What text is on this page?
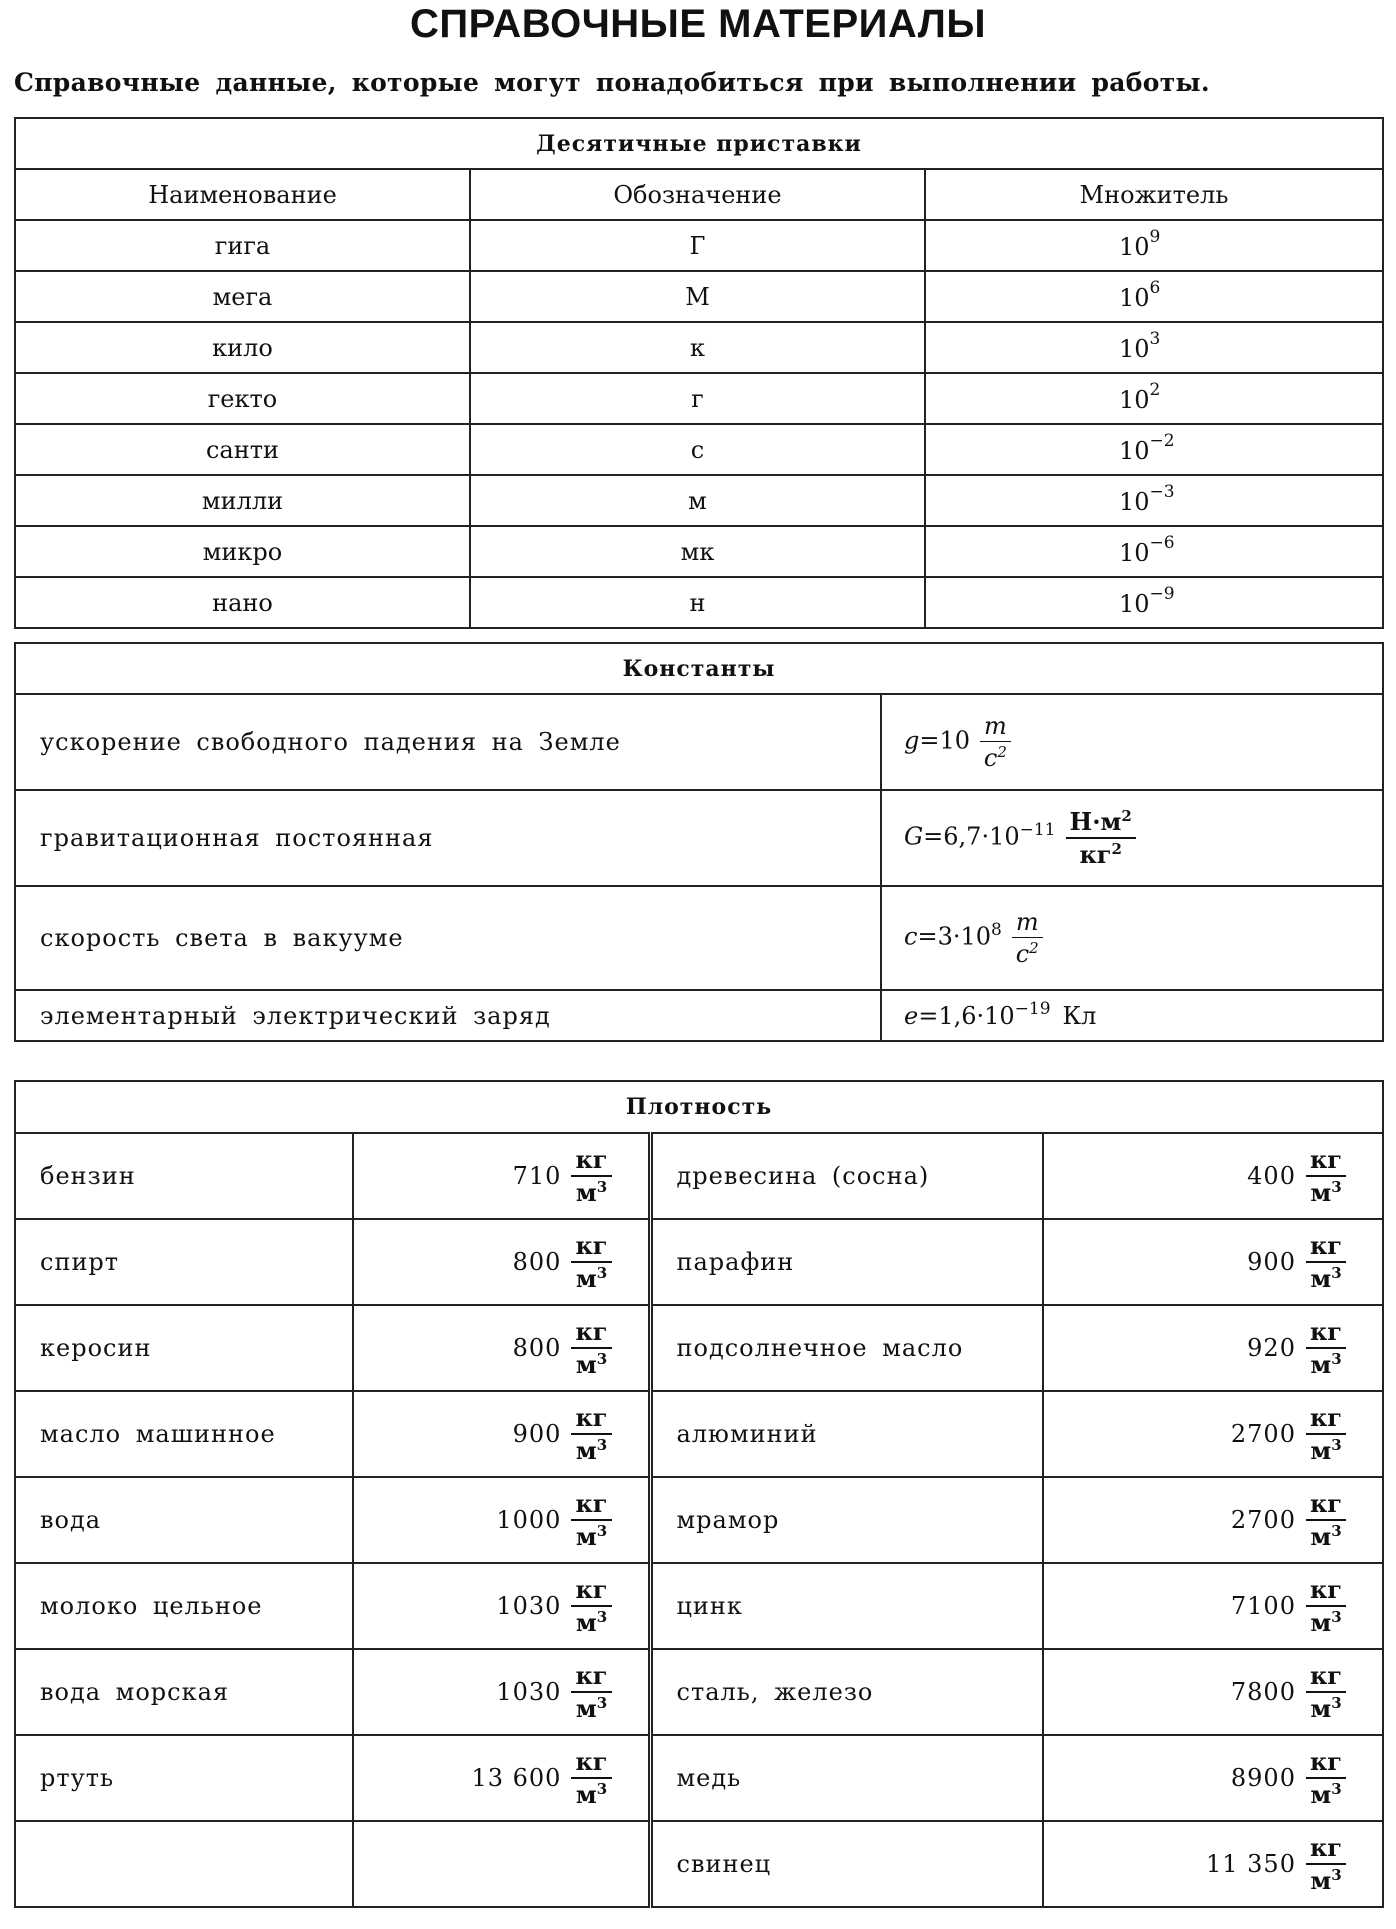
СПРАВОЧНЫЕ МАТЕРИАЛЫ
Справочные данные, которые могут понадобиться при выполнении работы.
Десятичные приставки		
Наименование	Обозначение	Множитель
гига	Г	$10^9$
мега	М	$10^6$
кило	к	$10^3$
гекто	г	$10^2$
санти	с	$10^{-2}$
милли	м	$10^{-3}$
микро	мк	$10^{-6}$
нано	н	$10^{-9}$
Константы	
ускорение свободного падения на Земле	$g=10 \frac{m}{c^2}$

гравитационная постоянная	$G=6,7\cdot 10^{-11} \frac{Н\cdot м^2}{кг^2}$

скорость света в вакууме	$c=3\cdot 10^8 \frac{m}{c^2}$

элементарный электрический заряд	$e=1,6\cdot 10^{-19}$ Кл
Плотность			
бензин	$710 \frac{кг}{м^3}$	древесина (сосна)	$400 \frac{кг}{м^3}$

спирт	$800 \frac{кг}{м^3}$	парафин	$900 \frac{кг}{м^3}$

керосин	$800 \frac{кг}{м^3}$	подсолнечное масло	$920 \frac{кг}{м^3}$

масло машинное	$900 \frac{кг}{м^3}$	алюминий	$2700 \frac{кг}{м^3}$

вода	$1000 \frac{кг}{м^3}$	мрамор	$2700 \frac{кг}{м^3}$

молоко цельное	$1030 \frac{кг}{м^3}$	цинк	$7100 \frac{кг}{м^3}$

вода морская	$1030 \frac{кг}{м^3}$	сталь, железо	$7800 \frac{кг}{м^3}$

ртуть	13 $600 \frac{кг}{м^3}$	медь	$8900 \frac{кг}{м^3}$

		свинец	11 $350 \frac{кг}{м^3}$
